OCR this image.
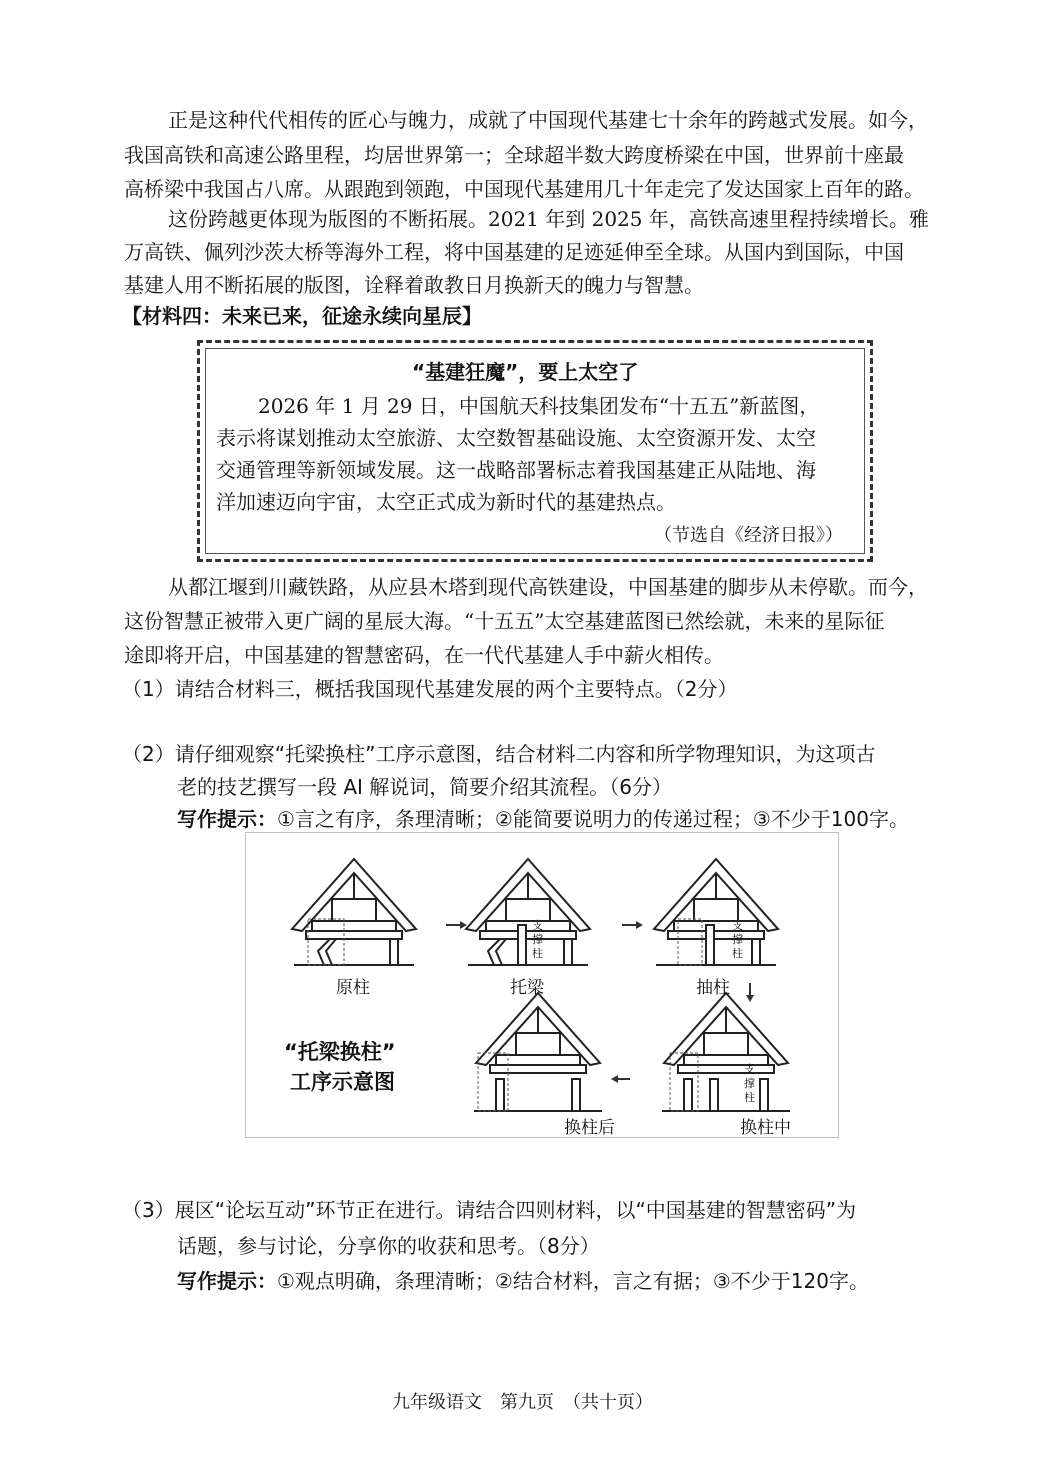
正是这种代代相传的匠心与魄力，成就了中国现代基建七十余年的跨越式发展。如今，
我国高铁和高速公路里程，均居世界第一；全球超半数大跨度桥梁在中国，世界前十座最
高桥梁中我国占八席。从跟跑到领跑，中国现代基建用几十年走完了发达国家上百年的路。
这份跨越更体现为版图的不断拓展。2021 年到 2025 年，高铁高速里程持续增长。雅
万高铁、佩列沙茨大桥等海外工程，将中国基建的足迹延伸至全球。从国内到国际，中国
基建人用不断拓展的版图，诠释着敢教日月换新天的魄力与智慧。
【材料四：未来已来，征途永续向星辰】
“基建狂魔”，要上太空了
2026 年 1 月 29 日，中国航天科技集团发布“十五五”新蓝图，
表示将谋划推动太空旅游、太空数智基础设施、太空资源开发、太空
交通管理等新领域发展。这一战略部署标志着我国基建正从陆地、海
洋加速迈向宇宙，太空正式成为新时代的基建热点。
（节选自《经济日报》）
从都江堰到川藏铁路，从应县木塔到现代高铁建设，中国基建的脚步从未停歇。而今，
这份智慧正被带入更广阔的星辰大海。“十五五”太空基建蓝图已然绘就，未来的星际征
途即将开启，中国基建的智慧密码，在一代代基建人手中薪火相传。
（1）请结合材料三，概括我国现代基建发展的两个主要特点。（2分）
（2）请仔细观察“托梁换柱”工序示意图，结合材料二内容和所学物理知识，为这项古
老的技艺撰写一段 AI 解说词，简要介绍其流程。（6分）
写作提示：①言之有序，条理清晰；②能简要说明力的传递过程；③不少于100字。
支
撑
柱
支
撑
柱
支
撑
柱
原柱	托梁	抽柱
换柱后	换柱中
“托梁换柱”
工序示意图
（3）展区“论坛互动”环节正在进行。请结合四则材料，以“中国基建的智慧密码”为
话题，参与讨论，分享你的收获和思考。（8分）
写作提示：①观点明确，条理清晰；②结合材料，言之有据；③不少于120字。
九年级语文　第九页　（共十页）
